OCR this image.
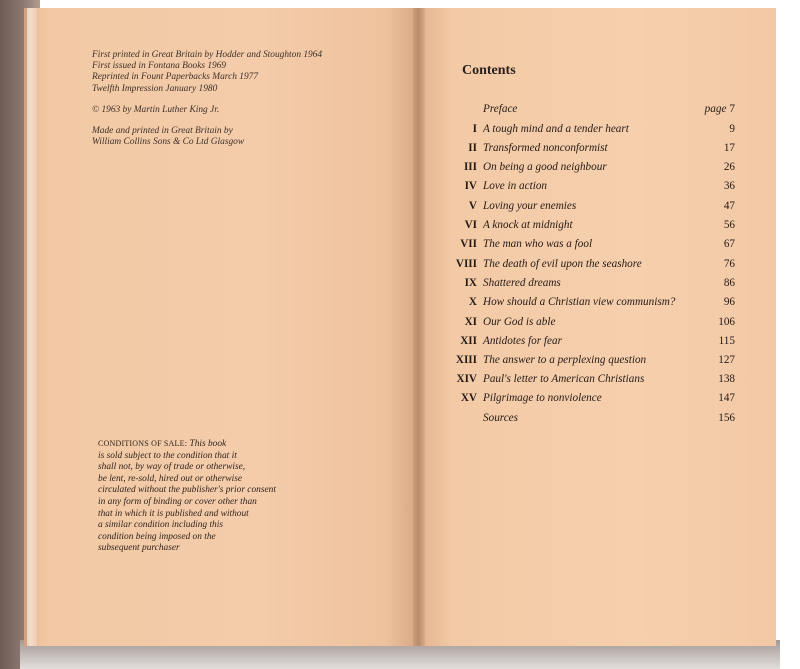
First printed in Great Britain by Hodder and Stoughton 1964
First issued in Fontana Books 1969
Reprinted in Fount Paperbacks March 1977
Twelfth Impression January 1980
© 1963 by Martin Luther King Jr.
Made and printed in Great Britain by
William Collins Sons & Co Ltd Glasgow
CONDITIONS OF SALE: This book
is sold subject to the condition that it
shall not, by way of trade or otherwise,
be lent, re-sold, hired out or otherwise
circulated without the publisher's prior consent
in any form of binding or cover other than
that in which it is published and without
a similar condition including this
condition being imposed on the
subsequent purchaser
Contents
Preface	page 7
I A tough mind and a tender heart	9
II Transformed nonconformist	17
III On being a good neighbour	26
IV Love in action	36
V Loving your enemies	47
VI A knock at midnight	56
VII The man who was a fool	67
VIII The death of evil upon the seashore	76
IX Shattered dreams	86
X How should a Christian view communism?	96
XI Our God is able	106
XII Antidotes for fear	115
XIII The answer to a perplexing question	127
XIV Paul's letter to American Christians	138
XV Pilgrimage to nonviolence	147
Sources	156
